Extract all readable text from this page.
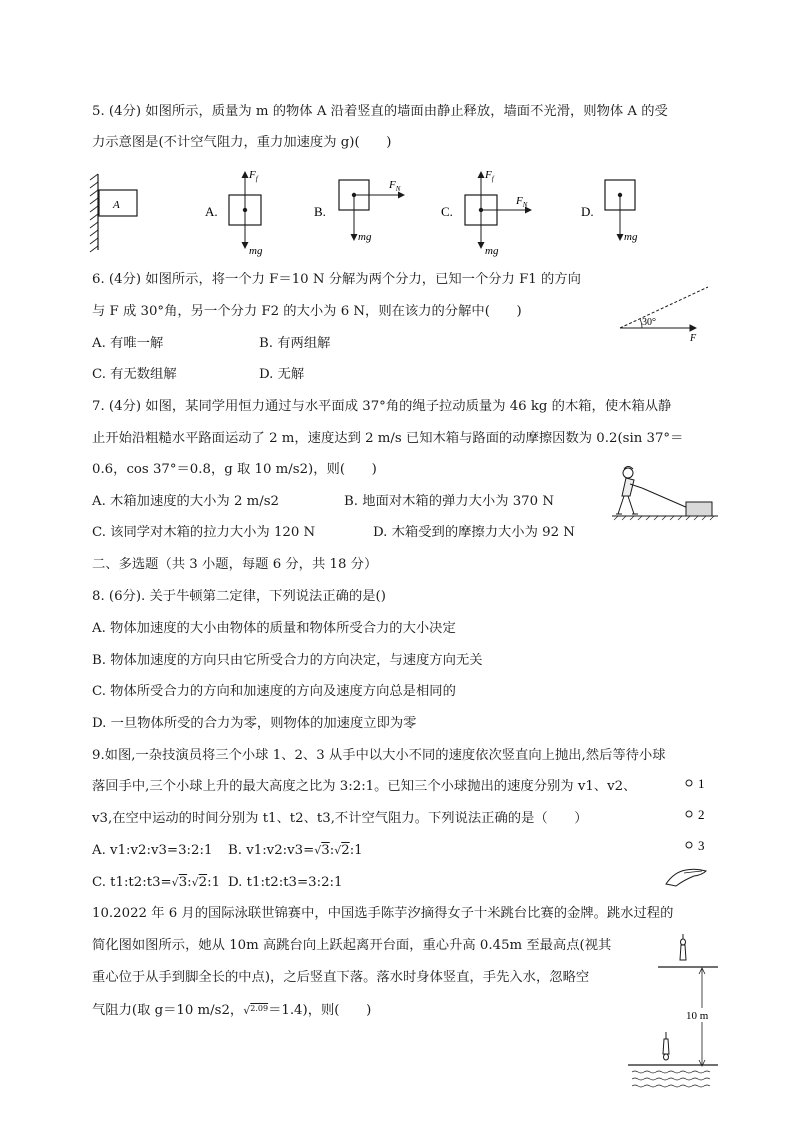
5. (4分) 如图所示，质量为 m 的物体 A 沿着竖直的墙面由静止释放，墙面不光滑，则物体 A 的受
力示意图是(不计空气阻力，重力加速度为 g)(　　)
A	A.
$F_f$
mg
B.
$F_N$
mg
C.
$F_f$
$F_N$
mg
D.
mg
6. (4分) 如图所示，将一个力 F＝10 N 分解为两个分力，已知一个分力 F1 的方向
与 F 成 30°角，另一个分力 F2 的大小为 6 N，则在该力的分解中(　　)
A. 有唯一解	B. 有两组解
C. 有无数组解	D. 无解
30°
F
7. (4分) 如图，某同学用恒力通过与水平面成 37°角的绳子拉动质量为 46 kg 的木箱，使木箱从静
止开始沿粗糙水平路面运动了 2 m，速度达到 2 m/s 已知木箱与路面的动摩擦因数为 0.2(sin 37°＝
0.6，cos 37°＝0.8，g 取 10 m/s2)，则(　　)
A. 木箱加速度的大小为 2 m/s2	B. 地面对木箱的弹力大小为 370 N
C. 该同学对木箱的拉力大小为 120 N	D. 木箱受到的摩擦力大小为 92 N
二、多选题（共 3 小题，每题 6 分，共 18 分）
8. (6分). 关于牛顿第二定律，下列说法正确的是()
A. 物体加速度的大小由物体的质量和物体所受合力的大小决定
B. 物体加速度的方向只由它所受合力的方向决定，与速度方向无关
C. 物体所受合力的方向和加速度的方向及速度方向总是相同的
D. 一旦物体所受的合力为零，则物体的加速度立即为零
9.如图,一杂技演员将三个小球 1、2、3 从手中以大小不同的速度依次竖直向上抛出,然后等待小球
落回手中,三个小球上升的最大高度之比为 3:2:1。已知三个小球抛出的速度分别为 v1、v2、
v3,在空中运动的时间分别为 t1、t2、t3,不计空气阻力。下列说法正确的是（　　）
A. v1:v2:v3=3:2:1 B. v1:v2:v3=√3:√2:1
C. t1:t2:t3=√3:√2:1 D. t1:t2:t3=3:2:1
1
2
3
10.2022 年 6 月的国际泳联世锦赛中，中国选手陈芋汐摘得女子十米跳台比赛的金牌。跳水过程的
简化图如图所示，她从 10m 高跳台向上跃起离开台面，重心升高 0.45m 至最高点(视其
重心位于从手到脚全长的中点)，之后竖直下落。落水时身体竖直，手先入水，忽略空
气阻力(取 g＝10 m/s2，√$^{2.09}$＝1.4)，则(　　)	10 m
